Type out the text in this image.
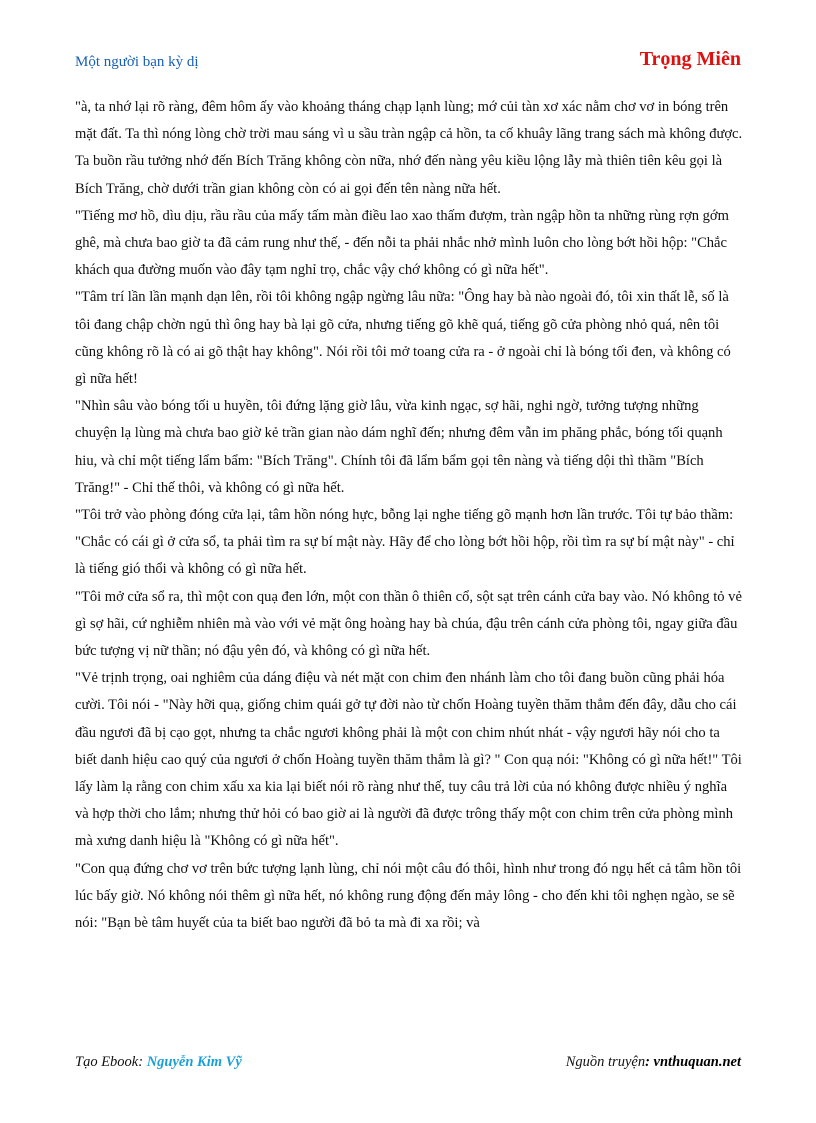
Một người bạn kỳ dị	Trọng Miên

"à, ta nhớ lại rõ ràng, đêm hôm ấy vào khoảng tháng chạp lạnh lùng; mớ củi tàn xơ xác nằm chơ vơ in bóng trên mặt đất. Ta thì nóng lòng chờ trời mau sáng vì u sầu tràn ngập cả hồn, ta cố khuây lãng trang sách mà không được. Ta buồn rầu tưởng nhớ đến Bích Trăng không còn nữa, nhớ đến nàng yêu kiều lộng lẫy mà thiên tiên kêu gọi là Bích Trăng, chờ dưới trần gian không còn có ai gọi đến tên nàng nữa hết.

"Tiếng mơ hồ, dìu dịu, rầu rầu của mấy tấm màn điều lao xao thấm đượm, tràn ngập hồn ta những rùng rợn gớm ghê, mà chưa bao giờ ta đã cảm rung như thế, - đến nỗi ta phải nhắc nhở mình luôn cho lòng bớt hồi hộp: "Chắc khách qua đường muốn vào đây tạm nghỉ trọ, chắc vậy chớ không có gì nữa hết".

"Tâm trí lần lần mạnh dạn lên, rồi tôi không ngập ngừng lâu nữa: "Ông hay bà nào ngoài đó, tôi xin thất lễ, số là tôi đang chập chờn ngủ thì ông hay bà lại gõ cửa, nhưng tiếng gõ khẽ quá, tiếng gõ cửa phòng nhỏ quá, nên tôi cũng không rõ là có ai gõ thật hay không". Nói rồi tôi mở toang cửa ra - ở ngoài chỉ là bóng tối đen, và không có gì nữa hết!

"Nhìn sâu vào bóng tối u huyền, tôi đứng lặng giờ lâu, vừa kinh ngạc, sợ hãi, nghi ngờ, tưởng tượng những chuyện lạ lùng mà chưa bao giờ kẻ trần gian nào dám nghĩ đến; nhưng đêm vẫn im phăng phắc, bóng tối quạnh hiu, và chỉ một tiếng lẩm bẩm: "Bích Trăng". Chính tôi đã lẩm bẩm gọi tên nàng và tiếng dội thì thầm "Bích Trăng!" - Chỉ thế thôi, và không có gì nữa hết.

"Tôi trở vào phòng đóng cửa lại, tâm hồn nóng hực, bỗng lại nghe tiếng gõ mạnh hơn lần trước. Tôi tự bảo thầm: "Chắc có cái gì ở cửa sổ, ta phải tìm ra sự bí mật này. Hãy để cho lòng bớt hồi hộp, rồi tìm ra sự bí mật này" - chỉ là tiếng gió thổi và không có gì nữa hết.

"Tôi mở cửa sổ ra, thì một con quạ đen lớn, một con thần ô thiên cổ, sột sạt trên cánh cửa bay vào. Nó không tỏ vẻ gì sợ hãi, cứ nghiễm nhiên mà vào với vẻ mặt ông hoàng hay bà chúa, đậu trên cánh cửa phòng tôi, ngay giữa đầu bức tượng vị nữ thần; nó đậu yên đó, và không có gì nữa hết.

"Vẻ trịnh trọng, oai nghiêm của dáng điệu và nét mặt con chim đen nhánh làm cho tôi đang buồn cũng phải hóa cười. Tôi nói - "Này hỡi quạ, giống chim quái gở tự đời nào từ chốn Hoàng tuyền thăm thẳm đến đây, dẫu cho cái đầu ngươi đã bị cạo gọt, nhưng ta chắc ngươi không phải là một con chim nhút nhát - vậy ngươi hãy nói cho ta biết danh hiệu cao quý của ngươi ở chốn Hoàng tuyền thăm thẳm là gì? " Con quạ nói: "Không có gì nữa hết!" Tôi lấy làm lạ rằng con chim xấu xa kia lại biết nói rõ ràng như thế, tuy câu trả lời của nó không được nhiều ý nghĩa và hợp thời cho lắm; nhưng thử hỏi có bao giờ ai là người đã được trông thấy một con chim trên cửa phòng mình mà xưng danh hiệu là "Không có gì nữa hết".

"Con quạ đứng chơ vơ trên bức tượng lạnh lùng, chỉ nói một câu đó thôi, hình như trong đó ngụ hết cả tâm hồn tôi lúc bấy giờ. Nó không nói thêm gì nữa hết, nó không rung động đến mảy lông - cho đến khi tôi nghẹn ngào, se sẽ nói: "Bạn bè tâm huyết của ta biết bao người đã bỏ ta mà đi xa rồi; và

Tạo Ebook: Nguyễn Kim Vỹ	Nguồn truyện: vnthuquan.net
